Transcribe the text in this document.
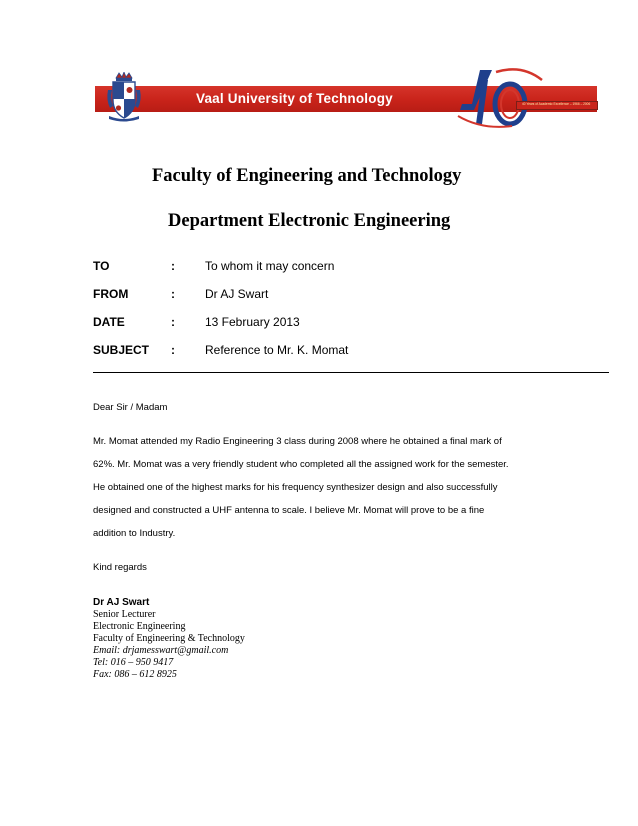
Vaal University of Technology	40 Years of Academic Excellence – 1966 – 2006
Faculty of Engineering and Technology
Department Electronic Engineering
TO	:	To whom it may concern
FROM	:	Dr AJ Swart
DATE	:	13 February 2013
SUBJECT :	Reference to Mr. K. Momat
Dear Sir / Madam
Mr. Momat attended my Radio Engineering 3 class during 2008 where he obtained a final mark of
62%. Mr. Momat was a very friendly student who completed all the assigned work for the semester.
He obtained one of the highest marks for his frequency synthesizer design and also successfully
designed and constructed a UHF antenna to scale. I believe Mr. Momat will prove to be a fine
addition to Industry.
Kind regards
Dr AJ Swart
Senior Lecturer
Electronic Engineering
Faculty of Engineering & Technology
Email: drjamesswart@gmail.com
Tel: 016 – 950 9417
Fax: 086 – 612 8925
